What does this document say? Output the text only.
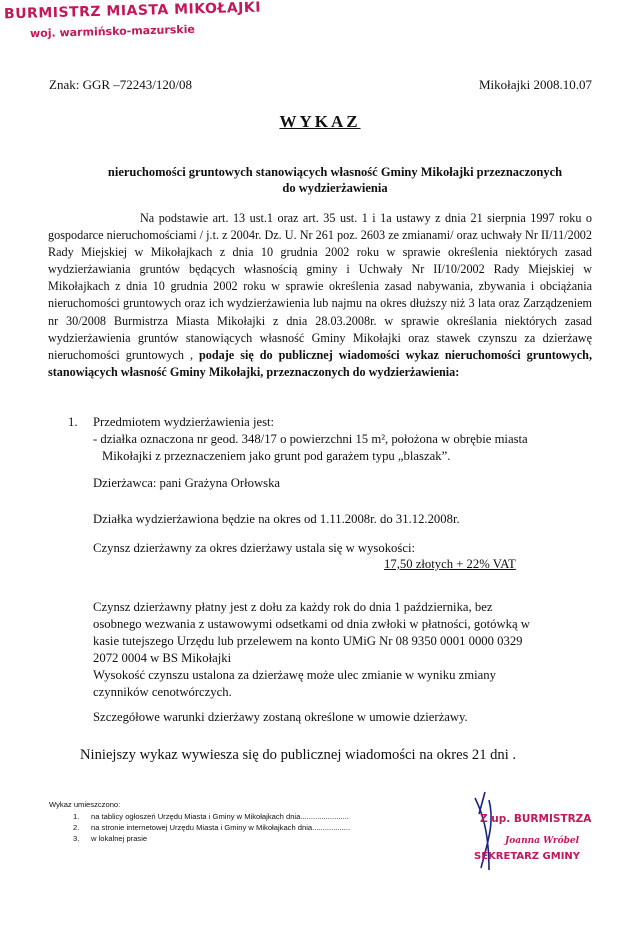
BURMISTRZ MIASTA MIKOŁAJKI
woj. warmińsko-mazurskie
Znak: GGR –72243/120/08	Mikołajki 2008.10.07
WYKAZ
nieruchomości gruntowych stanowiących własność Gminy Mikołajki przeznaczonych
do wydzierżawienia
Na podstawie art. 13 ust.1 oraz art. 35 ust. 1 i 1a ustawy z dnia 21 sierpnia 1997 roku o gospodarce nieruchomościami / j.t. z 2004r. Dz. U. Nr 261 poz. 2603 ze zmianami/ oraz uchwały Nr II/11/2002 Rady Miejskiej w Mikołajkach z dnia 10 grudnia 2002 roku w sprawie określenia niektórych zasad wydzierżawiania gruntów będących własnością gminy i Uchwały Nr II/10/2002 Rady Miejskiej w Mikołajkach z dnia 10 grudnia 2002 roku w sprawie określenia zasad nabywania, zbywania i obciążania nieruchomości gruntowych oraz ich wydzierżawienia lub najmu na okres dłuższy niż 3 lata oraz Zarządzeniem nr 30/2008 Burmistrza Miasta Mikołajki z dnia 28.03.2008r. w sprawie określania niektórych zasad wydzierżawienia gruntów stanowiących własność Gminy Mikołajki oraz stawek czynszu za dzierżawę nieruchomości gruntowych , podaje się do publicznej wiadomości wykaz nieruchomości gruntowych, stanowiących własność Gminy Mikołajki, przeznaczonych do wydzierżawienia:
1. Przedmiotem wydzierżawienia jest:
- działka oznaczona nr geod. 348/17 o powierzchni 15 m², położona w obrębie miasta
Mikołajki z przeznaczeniem jako grunt pod garażem typu „blaszak”.
Dzierżawca: pani Grażyna Orłowska
Działka wydzierżawiona będzie na okres od 1.11.2008r. do 31.12.2008r.
Czynsz dzierżawny za okres dzierżawy ustala się w wysokości:
17,50 złotych + 22% VAT
Czynsz dzierżawny płatny jest z dołu za każdy rok do dnia 1 października, bez
osobnego wezwania z ustawowymi odsetkami od dnia zwłoki w płatności, gotówką w
kasie tutejszego Urzędu lub przelewem na konto UMiG Nr 08 9350 0001 0000 0329
2072 0004 w BS Mikołajki
Wysokość czynszu ustalona za dzierżawę może ulec zmianie w wyniku zmiany
czynników cenotwórczych.
Szczegółowe warunki dzierżawy zostaną określone w umowie dzierżawy.
Niniejszy wykaz wywiesza się do publicznej wiadomości na okres 21 dni .
Wykaz umieszczono:
1. na tablicy ogłoszeń Urzędu Miasta i Gminy w Mikołajkach dnia.......................
2. na stronie internetowej Urzędu Miasta i Gminy w Mikołajkach dnia..................
3. w lokalnej prasie
Z up. BURMISTRZA
Joanna Wróbel
SEKRETARZ GMINY
